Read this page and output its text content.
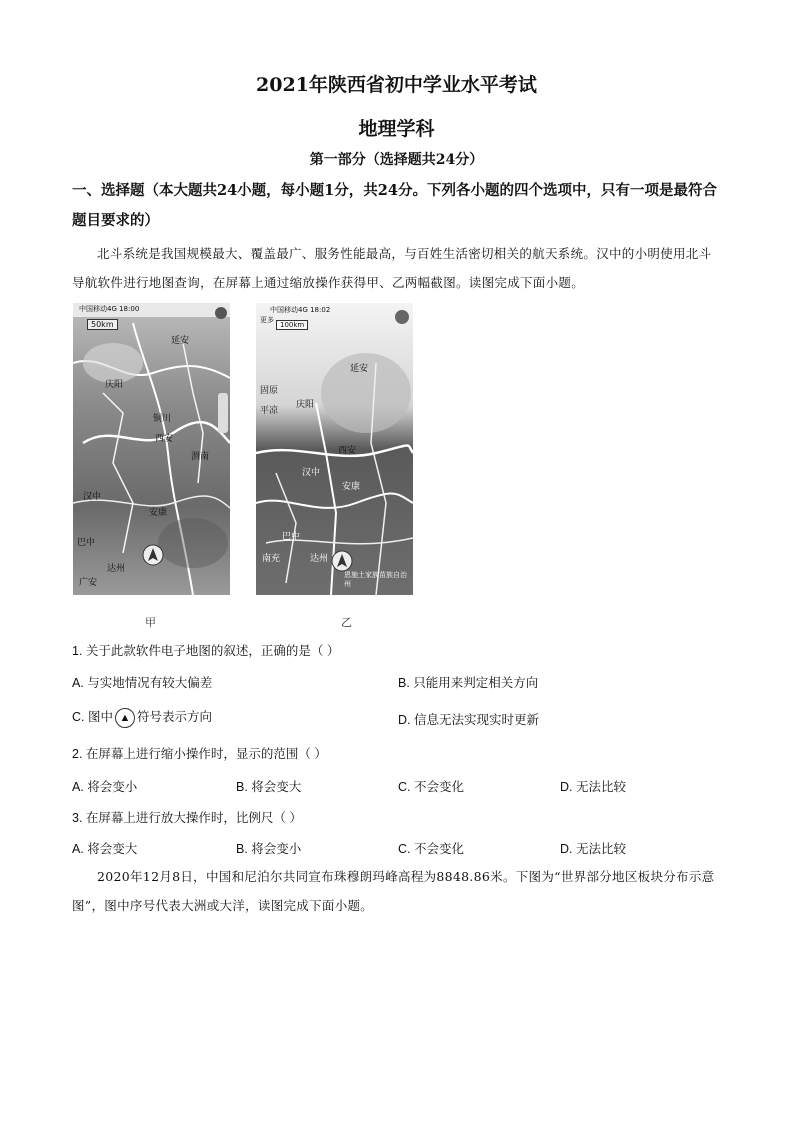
2021年陕西省初中学业水平考试
地理学科
第一部分（选择题共24分）
一、选择题（本大题共24小题，每小题1分，共24分。下列各小题的四个选项中，只有一项是最符合题目要求的）
北斗系统是我国规模最大、覆盖最广、服务性能最高，与百姓生活密切相关的航天系统。汉中的小明使用北斗导航软件进行地图查询，在屏幕上通过缩放操作获得甲、乙两幅截图。读图完成下面小题。
中国移动4G 18:00
50km
延安
庆阳
铜川
西安
渭南
汉中
安康
巴中
达州
广安
甲
中国移动4G 18:02
更多
100km
延安
固原
平凉
庆阳
西安
汉中
安康
巴中
南充	达州
恩施土家族苗族自治州
乙
1. 关于此款软件电子地图的叙述，正确的是（ ）
A. 与实地情况有较大偏差	B. 只能用来判定相关方向
C. 图中 ▲ 符号表示方向	D. 信息无法实现实时更新
2. 在屏幕上进行缩小操作时，显示的范围（ ）
A. 将会变小	B. 将会变大	C. 不会变化	D. 无法比较
3. 在屏幕上进行放大操作时，比例尺（ ）
A. 将会变大	B. 将会变小	C. 不会变化	D. 无法比较
2020年12月8日，中国和尼泊尔共同宣布珠穆朗玛峰高程为8848.86米。下图为“世界部分地区板块分布示意图”，图中序号代表大洲或大洋，读图完成下面小题。
